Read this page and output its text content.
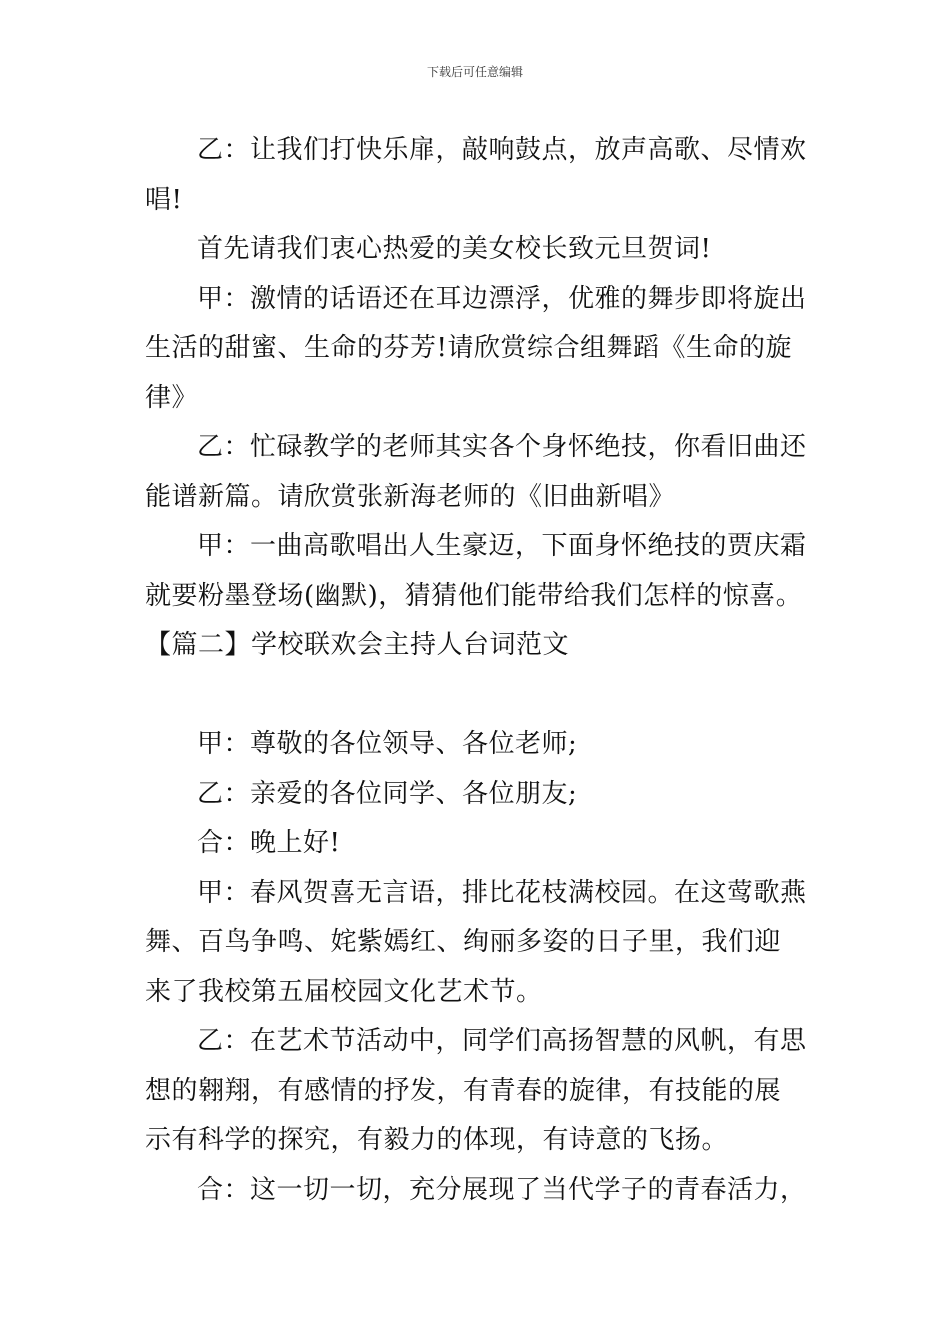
下载后可任意编辑

乙：让我们打快乐扉，敲响鼓点，放声高歌、尽情欢唱!

首先请我们衷心热爱的美女校长致元旦贺词!

甲：激情的话语还在耳边漂浮，优雅的舞步即将旋出生活的甜蜜、生命的芬芳!请欣赏综合组舞蹈《生命的旋律》

乙：忙碌教学的老师其实各个身怀绝技，你看旧曲还能谱新篇。请欣赏张新海老师的《旧曲新唱》

甲：一曲高歌唱出人生豪迈，下面身怀绝技的贾庆霜就要粉墨登场(幽默)，猜猜他们能带给我们怎样的惊喜。

【篇二】学校联欢会主持人台词范文

甲：尊敬的各位领导、各位老师;

乙：亲爱的各位同学、各位朋友;

合：晚上好!

甲：春风贺喜无言语，排比花枝满校园。在这莺歌燕舞、百鸟争鸣、姹紫嫣红、绚丽多姿的日子里，我们迎来了我校第五届校园文化艺术节。

乙：在艺术节活动中，同学们高扬智慧的风帆，有思想的翱翔，有感情的抒发，有青春的旋律，有技能的展示有科学的探究，有毅力的体现，有诗意的飞扬。

合：这一切一切，充分展现了当代学子的青春活力，
